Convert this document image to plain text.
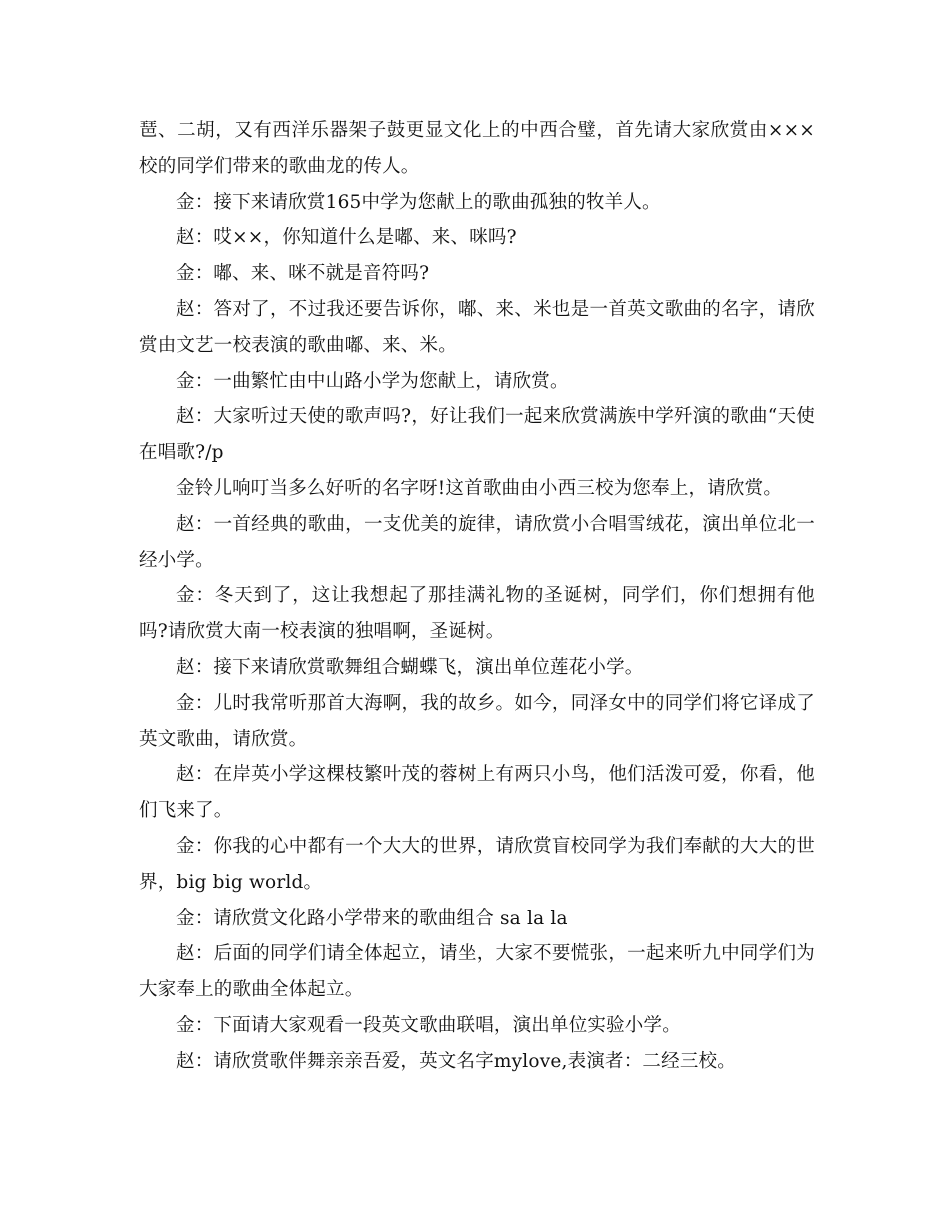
琶、二胡，又有西洋乐器架子鼓更显文化上的中西合璧，首先请大家欣赏由×××校的同学们带来的歌曲龙的传人。

金：接下来请欣赏165中学为您献上的歌曲孤独的牧羊人。

赵：哎××，你知道什么是嘟、来、咪吗?

金：嘟、来、咪不就是音符吗?

赵：答对了，不过我还要告诉你，嘟、来、米也是一首英文歌曲的名字，请欣赏由文艺一校表演的歌曲嘟、来、米。

金：一曲繁忙由中山路小学为您献上，请欣赏。

赵：大家听过天使的歌声吗?，好让我们一起来欣赏满族中学歼演的歌曲“天使在唱歌?/p

金铃儿响叮当多么好听的名字呀!这首歌曲由小西三校为您奉上，请欣赏。

赵：一首经典的歌曲，一支优美的旋律，请欣赏小合唱雪绒花，演出单位北一经小学。

金：冬天到了，这让我想起了那挂满礼物的圣诞树，同学们，你们想拥有他吗?请欣赏大南一校表演的独唱啊，圣诞树。

赵：接下来请欣赏歌舞组合蝴蝶飞，演出单位莲花小学。

金：儿时我常听那首大海啊，我的故乡。如今，同泽女中的同学们将它译成了英文歌曲，请欣赏。

赵：在岸英小学这棵枝繁叶茂的蓉树上有两只小鸟，他们活泼可爱，你看，他们飞来了。

金：你我的心中都有一个大大的世界，请欣赏盲校同学为我们奉献的大大的世界，big big world。

金：请欣赏文化路小学带来的歌曲组合 sa la la

赵：后面的同学们请全体起立，请坐，大家不要慌张，一起来听九中同学们为大家奉上的歌曲全体起立。

金：下面请大家观看一段英文歌曲联唱，演出单位实验小学。

赵：请欣赏歌伴舞亲亲吾爱，英文名字mylove,表演者：二经三校。
